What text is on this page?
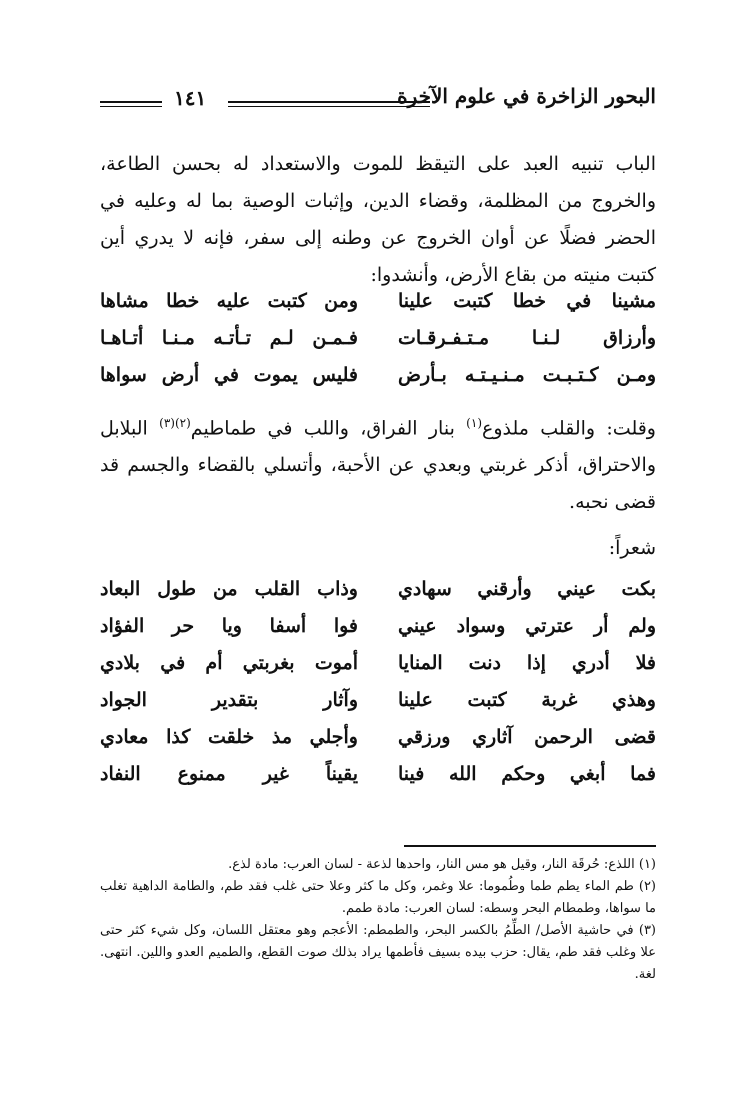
البحور الزاخرة في علوم الآخرة
١٤١

الباب تنبيه العبد على التيقظ للموت والاستعداد له بحسن الطاعة، والخروج من المظلمة، وقضاء الدين، وإثبات الوصية بما له وعليه في الحضر فضلًا عن أوان الخروج عن وطنه إلى سفر، فإنه لا يدري أين كتبت منيته من بقاع الأرض، وأنشدوا:

مشينا في خطا كتبت علينا
ومن كتبت عليه خطا مشاها
وأرزاق لـنـا مـتـفـرقـات
فـمـن لـم تـأتـه مـنـا أتـاهـا
ومـن كـتـبـت مـنـيـتـه بـأرض
فليس يموت في أرض سواها

وقلت: والقلب ملذوع$^{(١)}$ بنار الفراق، واللب في طماطيم$^{(٢)(٣)}$ البلابل والاحتراق، أذكر غربتي وبعدي عن الأحبة، وأتسلي بالقضاء والجسم قد قضى نحبه.

شعراً:
بكت عيني وأرقني سهادي
وذاب القلب من طول البعاد
ولم أر عترتي وسواد عيني
فوا أسفا ويا حر الفؤاد
فلا أدري إذا دنت المنايا
أموت بغربتي أم في بلادي
وهذي غربة كتبت علينا
وآثار بتقدير الجواد
قضى الرحمن آثاري ورزقي
وأجلي مذ خلقت كذا معادي
فما أبغي وحكم الله فينا
يقيناً غير ممنوع النفاد

(١) اللذع: حُرقَة النار، وقيل هو مس النار، واحدها لذعة - لسان العرب: مادة لذع.

(٢) طم الماء يطم طما وطُموما: علا وغمر، وكل ما كثر وعلا حتى غلب فقد طم، والطامة الداهية تغلب ما سواها، وطمطام البحر وسطه: لسان العرب: مادة طمم.

(٣) في حاشية الأصل/ الطِّمُ بالكسر البحر، والطمطم: الأعجم وهو معتقل اللسان، وكل شيء كثر حتى علا وغلب فقد طم، يقال: حزب بيده بسيف فأطمها يراد بذلك صوت القطع، والطميم العدو واللين. انتهى. لغة.
